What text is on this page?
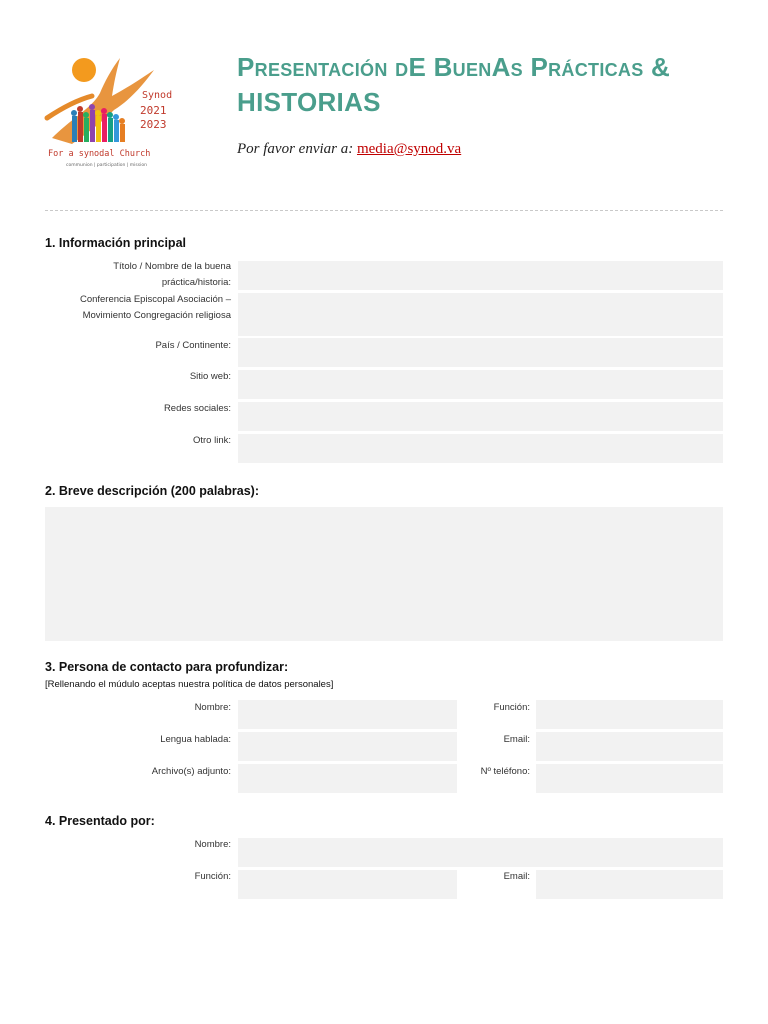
Synod
2021
2023
For a synodal Church
communion | participation | mission
Presentación dE BuenAs Prácticas &
HISTORIAS
Por favor enviar a: media@synod.va
1. Información principal
Títolo / Nombre de la buena práctica/historia:
Conferencia Episcopal Asociación – Movimiento Congregación religiosa
País / Continente:
Sitio web:
Redes sociales:
Otro link:
2. Breve descripción (200 palabras):
3. Persona de contacto para profundizar:
[Rellenando el múdulo aceptas nuestra política de datos personales]
Nombre:	Función:
Lengua hablada:	Email:
Archivo(s) adjunto:	Nº teléfono:
4. Presentado por:
Nombre:
Función:	Email:
